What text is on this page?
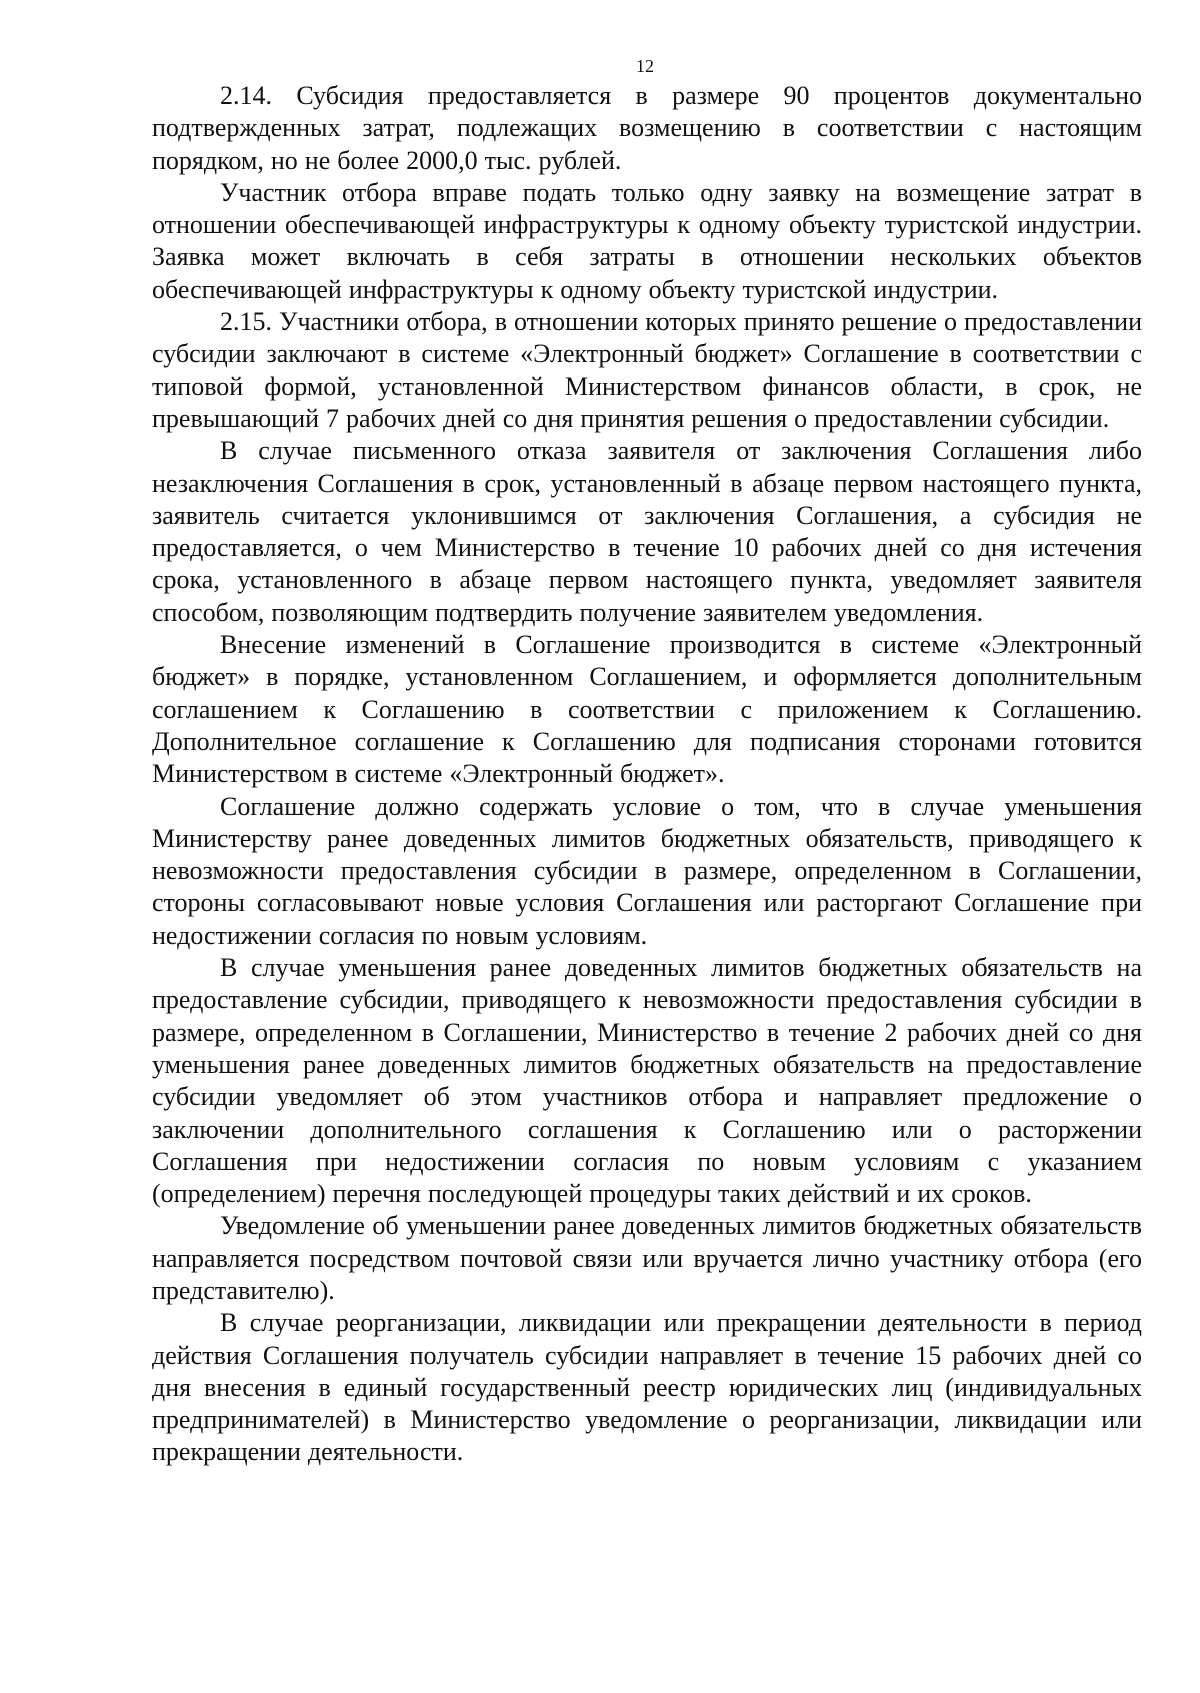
12

2.14. Субсидия предоставляется в размере 90 процентов документально подтвержденных затрат, подлежащих возмещению в соответствии с настоящим порядком, но не более 2000,0 тыс. рублей.

Участник отбора вправе подать только одну заявку на возмещение затрат в отношении обеспечивающей инфраструктуры к одному объекту туристской индустрии. Заявка может включать в себя затраты в отношении нескольких объектов обеспечивающей инфраструктуры к одному объекту туристской индустрии.

2.15. Участники отбора, в отношении которых принято решение о предоставлении субсидии заключают в системе «Электронный бюджет» Соглашение в соответствии с типовой формой, установленной Министерством финансов области, в срок, не превышающий 7 рабочих дней со дня принятия решения о предоставлении субсидии.

В случае письменного отказа заявителя от заключения Соглашения либо незаключения Соглашения в срок, установленный в абзаце первом настоящего пункта, заявитель считается уклонившимся от заключения Соглашения, а субсидия не предоставляется, о чем Министерство в течение 10 рабочих дней со дня истечения срока, установленного в абзаце первом настоящего пункта, уведомляет заявителя способом, позволяющим подтвердить получение заявителем уведомления.

Внесение изменений в Соглашение производится в системе «Электронный бюджет» в порядке, установленном Соглашением, и оформляется дополнительным соглашением к Соглашению в соответствии с приложением к Соглашению. Дополнительное соглашение к Соглашению для подписания сторонами готовится Министерством в системе «Электронный бюджет».

Соглашение должно содержать условие о том, что в случае уменьшения Министерству ранее доведенных лимитов бюджетных обязательств, приводящего к невозможности предоставления субсидии в размере, определенном в Соглашении, стороны согласовывают новые условия Соглашения или расторгают Соглашение при недостижении согласия по новым условиям.

В случае уменьшения ранее доведенных лимитов бюджетных обязательств на предоставление субсидии, приводящего к невозможности предоставления субсидии в размере, определенном в Соглашении, Министерство в течение 2 рабочих дней со дня уменьшения ранее доведенных лимитов бюджетных обязательств на предоставление субсидии уведомляет об этом участников отбора и направляет предложение о заключении дополнительного соглашения к Соглашению или о расторжении Соглашения при недостижении согласия по новым условиям с указанием (определением) перечня последующей процедуры таких действий и их сроков.

Уведомление об уменьшении ранее доведенных лимитов бюджетных обязательств направляется посредством почтовой связи или вручается лично участнику отбора (его представителю).

В случае реорганизации, ликвидации или прекращении деятельности в период действия Соглашения получатель субсидии направляет в течение 15 рабочих дней со дня внесения в единый государственный реестр юридических лиц (индивидуальных предпринимателей) в Министерство уведомление о реорганизации, ликвидации или прекращении деятельности.
